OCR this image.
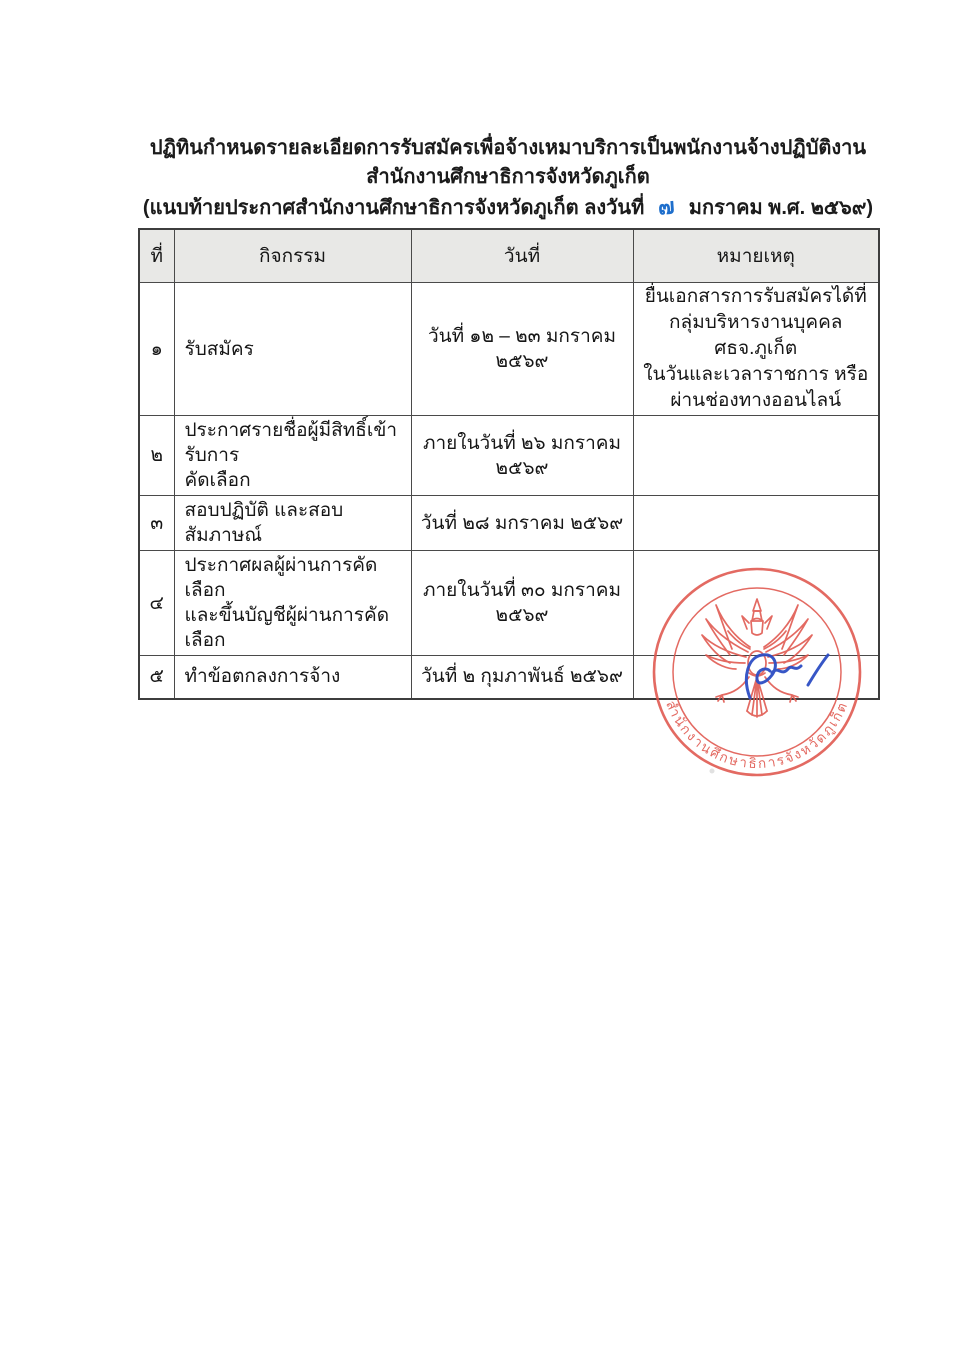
ปฏิทินกำหนดรายละเอียดการรับสมัครเพื่อจ้างเหมาบริการเป็นพนักงานจ้างปฏิบัติงาน
สำนักงานศึกษาธิการจังหวัดภูเก็ต
(แนบท้ายประกาศสำนักงานศึกษาธิการจังหวัดภูเก็ต ลงวันที่ ๗ มกราคม พ.ศ. ๒๕๖๙)
ที่	กิจกรรม	วันที่	หมายเหตุ
๑	รับสมัคร	วันที่ ๑๒ – ๒๓ มกราคม ๒๕๖๙	ยื่นเอกสารการรับสมัครได้ที่
กลุ่มบริหารงานบุคคล ศธจ.ภูเก็ต
ในวันและเวลาราชการ หรือ
ผ่านช่องทางออนไลน์

๒	ประกาศรายชื่อผู้มีสิทธิ์เข้ารับการ
คัดเลือก	ภายในวันที่ ๒๖ มกราคม ๒๕๖๙	
๓	สอบปฏิบัติ และสอบสัมภาษณ์	วันที่ ๒๘ มกราคม ๒๕๖๙	
๔	ประกาศผลผู้ผ่านการคัดเลือก
และขึ้นบัญชีผู้ผ่านการคัดเลือก	ภายในวันที่ ๓๐ มกราคม ๒๕๖๙	
๕	ทำข้อตกลงการจ้าง	วันที่ ๒ กุมภาพันธ์ ๒๕๖๙	
สำนักงานศึกษาธิการจังหวัดภูเก็ต
